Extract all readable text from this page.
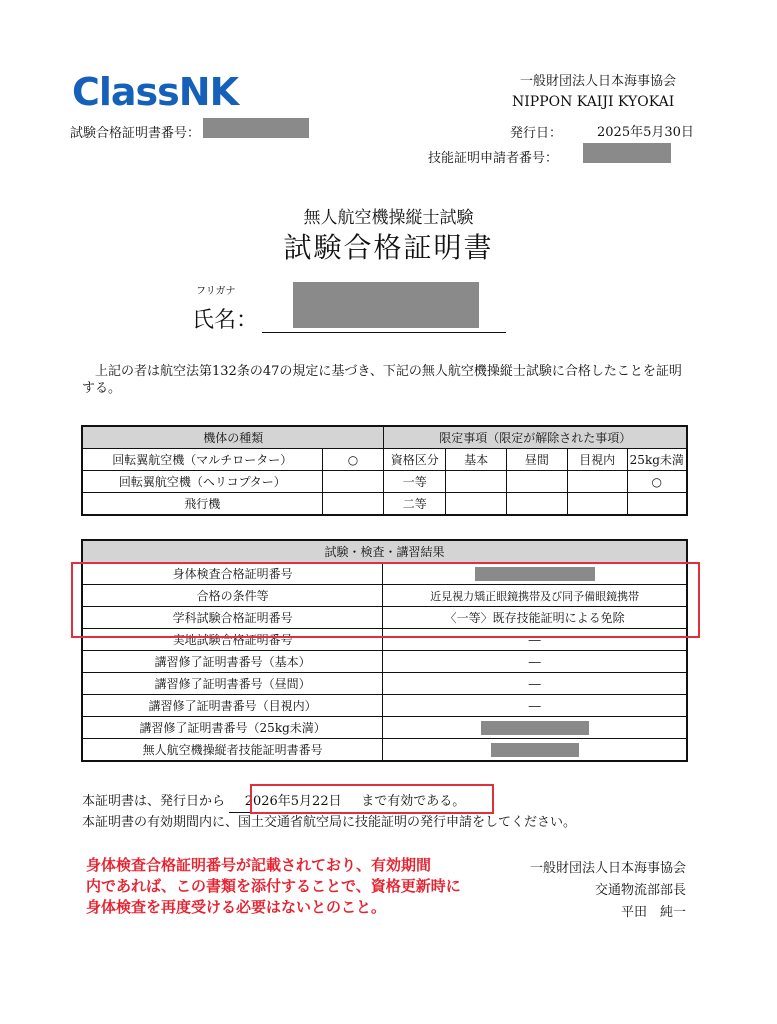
ClassNK	一般財団法人日本海事協会
NIPPON KAIJI KYOKAI
試験合格証明書番号：	発行日：	2025年5月30日
技能証明申請者番号：
無人航空機操縦士試験
試験合格証明書
フリガナ
氏名：
上記の者は航空法第132条の47の規定に基づき、下記の無人航空機操縦士試験に合格したことを証明する。
機体の種類		限定事項（限定が解除された事項）				
回転翼航空機（マルチローター）	○	資格区分	基本	昼間	目視内	25kg未満
回転翼航空機（ヘリコプター）		一等				○
飛行機		二等				
試験・検査・講習結果	
身体検査合格証明番号	
合格の条件等	近見視力矯正眼鏡携帯及び同予備眼鏡携帯
学科試験合格証明番号	〈一等〉既存技能証明による免除
実地試験合格証明番号	―
講習修了証明書番号（基本）	―
講習修了証明書番号（昼間）	―
講習修了証明書番号（目視内）	―
講習修了証明書番号（25kg未満）	
無人航空機操縦者技能証明書番号	
本証明書は、発行日から 2026年5月22日 まで有効である。
本証明書の有効期間内に、国土交通省航空局に技能証明の発行申請をしてください。
身体検査合格証明番号が記載されており、有効期間
内であれば、この書類を添付することで、資格更新時に
身体検査を再度受ける必要はないとのこと。
一般財団法人日本海事協会
交通物流部部長
平田　純一
